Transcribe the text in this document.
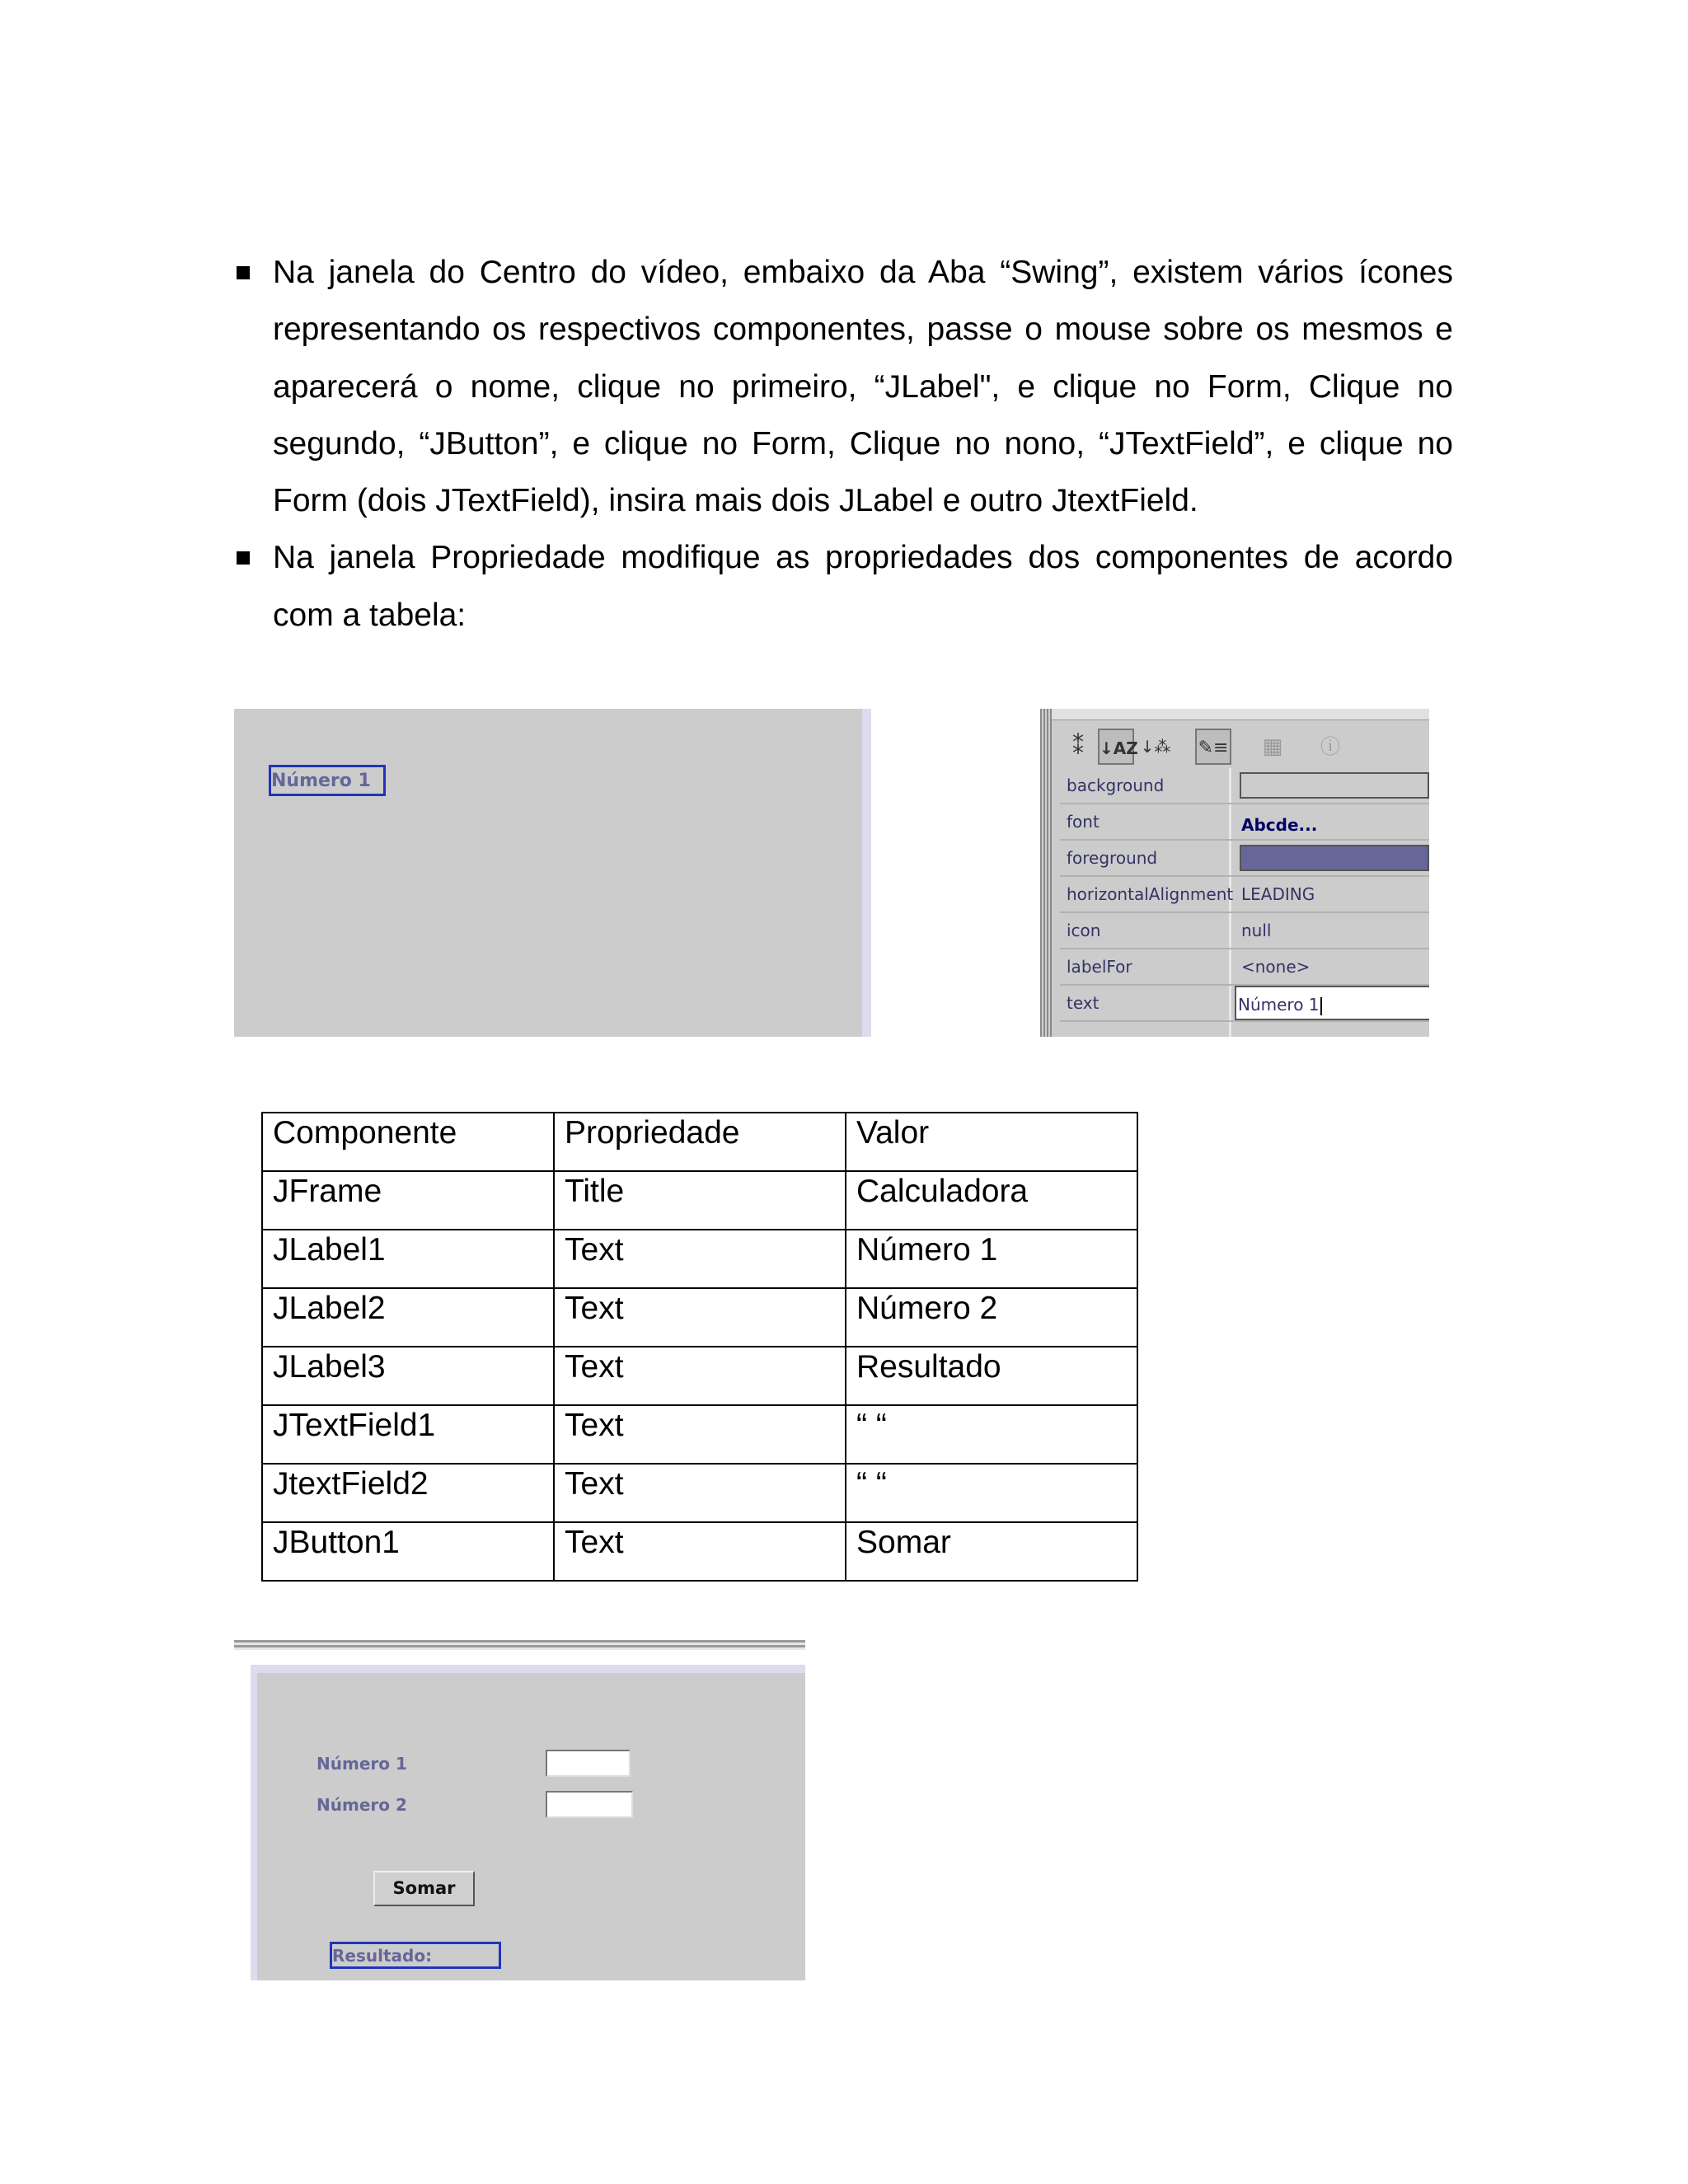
Na janela do Centro do vídeo, embaixo da Aba “Swing”, existem vários ícones representando os respectivos componentes, passe o mouse sobre os mesmos e aparecerá o nome, clique no primeiro, “JLabel", e clique no Form, Clique no segundo, “JButton”, e clique no Form, Clique no nono, “JTextField”, e clique no Form (dois JTextField), insira mais dois JLabel e outro JtextField.
Na janela Propriedade modifique as propriedades dos componentes de acordo com a tabela:
Número 1
⁑ ↓AZ ↓⁂ ✎≡	▦	ⓘ
background
font	Abcde...
foreground
horizontalAlignment LEADING
icon	null
labelFor	<none>
text	Número 1
Componente	Propriedade	Valor
JFrame	Title	Calculadora
JLabel1	Text	Número 1
JLabel2	Text	Número 2
JLabel3	Text	Resultado
JTextField1	Text	“ “
JtextField2	Text	“ “
JButton1	Text	Somar
Número 1
Número 2
Somar
Resultado:
